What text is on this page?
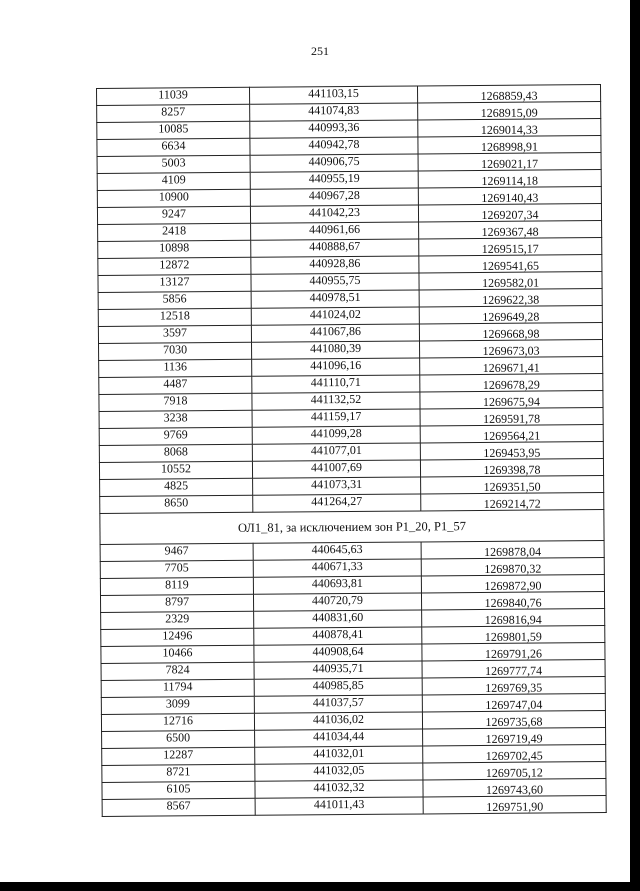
251
11039	441103,15	1268859,43
8257	441074,83	1268915,09
10085	440993,36	1269014,33
6634	440942,78	1268998,91
5003	440906,75	1269021,17
4109	440955,19	1269114,18
10900	440967,28	1269140,43
9247	441042,23	1269207,34
2418	440961,66	1269367,48
10898	440888,67	1269515,17
12872	440928,86	1269541,65
13127	440955,75	1269582,01
5856	440978,51	1269622,38
12518	441024,02	1269649,28
3597	441067,86	1269668,98
7030	441080,39	1269673,03
1136	441096,16	1269671,41
4487	441110,71	1269678,29
7918	441132,52	1269675,94
3238	441159,17	1269591,78
9769	441099,28	1269564,21
8068	441077,01	1269453,95
10552	441007,69	1269398,78
4825	441073,31	1269351,50
8650	441264,27	1269214,72
ОЛ1_81, за исключением зон Р1_20, Р1_57		
9467	440645,63	1269878,04
7705	440671,33	1269870,32
8119	440693,81	1269872,90
8797	440720,79	1269840,76
2329	440831,60	1269816,94
12496	440878,41	1269801,59
10466	440908,64	1269791,26
7824	440935,71	1269777,74
11794	440985,85	1269769,35
3099	441037,57	1269747,04
12716	441036,02	1269735,68
6500	441034,44	1269719,49
12287	441032,01	1269702,45
8721	441032,05	1269705,12
6105	441032,32	1269743,60
8567	441011,43	1269751,90
